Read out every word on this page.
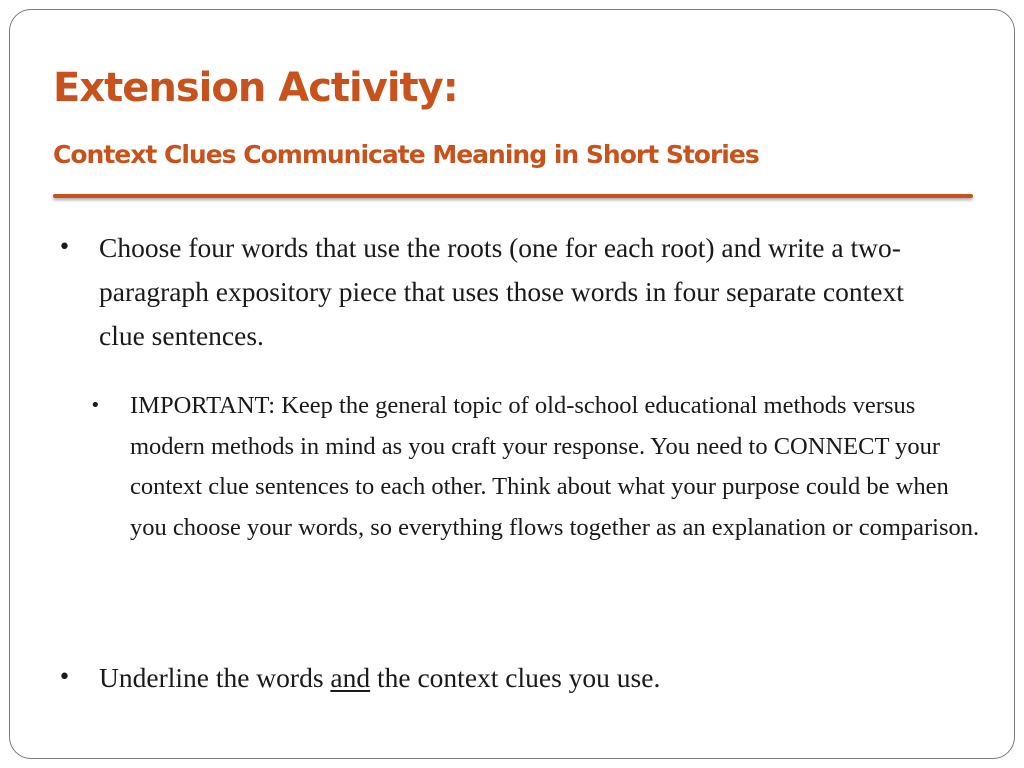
Extension Activity:
Context Clues Communicate Meaning in Short Stories
• Choose four words that use the roots (one for each root) and write a two-paragraph expository piece that uses those words in four separate context clue sentences.
• IMPORTANT: Keep the general topic of old-school educational methods versus modern methods in mind as you craft your response. You need to CONNECT your context clue sentences to each other. Think about what your purpose could be when you choose your words, so everything flows together as an explanation or comparison.
• Underline the words and the context clues you use.
